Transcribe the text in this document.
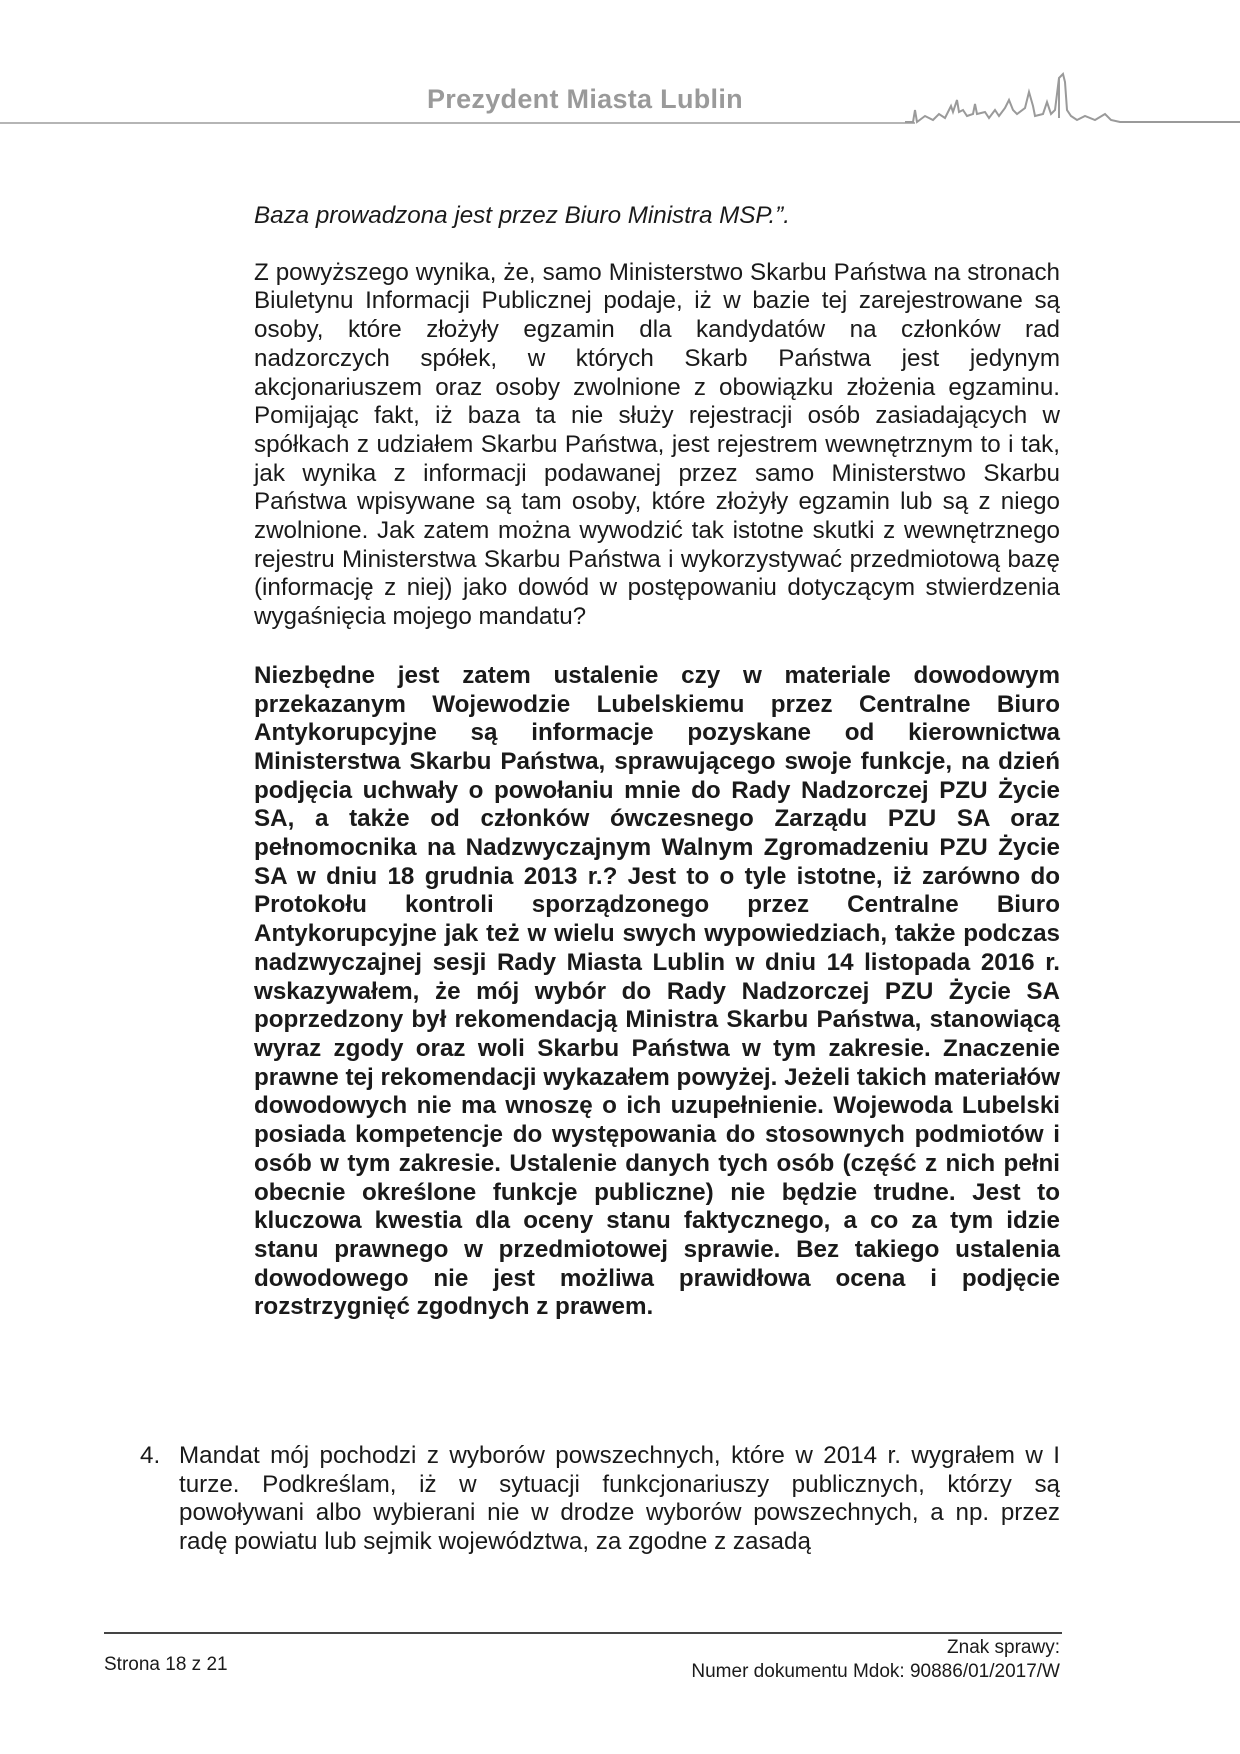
Prezydent Miasta Lublin

Baza prowadzona jest przez Biuro Ministra MSP.”.

Z powyższego wynika, że, samo Ministerstwo Skarbu Państwa na stronach Biuletynu Informacji Publicznej podaje, iż w bazie tej zarejestrowane są osoby, które złożyły egzamin dla kandydatów na członków rad nadzorczych spółek, w których Skarb Państwa jest jedynym akcjonariuszem oraz osoby zwolnione z obowiązku złożenia egzaminu. Pomijając fakt, iż baza ta nie służy rejestracji osób zasiadających w spółkach z udziałem Skarbu Państwa, jest rejestrem wewnętrznym to i tak, jak wynika z informacji podawanej przez samo Ministerstwo Skarbu Państwa wpisywane są tam osoby, które złożyły egzamin lub są z niego zwolnione. Jak zatem można wywodzić tak istotne skutki z wewnętrznego rejestru Ministerstwa Skarbu Państwa i wykorzystywać przedmiotową bazę (informację z niej) jako dowód w postępowaniu dotyczącym stwierdzenia wygaśnięcia mojego mandatu?

Niezbędne jest zatem ustalenie czy w materiale dowodowym przekazanym Wojewodzie Lubelskiemu przez Centralne Biuro Antykorupcyjne są informacje pozyskane od kierownictwa Ministerstwa Skarbu Państwa, sprawującego swoje funkcje, na dzień podjęcia uchwały o powołaniu mnie do Rady Nadzorczej PZU Życie SA, a także od członków ówczesnego Zarządu PZU SA oraz pełnomocnika na Nadzwyczajnym Walnym Zgromadzeniu PZU Życie SA w dniu 18 grudnia 2013 r.? Jest to o tyle istotne, iż zarówno do Protokołu kontroli sporządzonego przez Centralne Biuro Antykorupcyjne jak też w wielu swych wypowiedziach, także podczas nadzwyczajnej sesji Rady Miasta Lublin w dniu 14 listopada 2016 r. wskazywałem, że mój wybór do Rady Nadzorczej PZU Życie SA poprzedzony był rekomendacją Ministra Skarbu Państwa, stanowiącą wyraz zgody oraz woli Skarbu Państwa w tym zakresie. Znaczenie prawne tej rekomendacji wykazałem powyżej. Jeżeli takich materiałów dowodowych nie ma wnoszę o ich uzupełnienie. Wojewoda Lubelski posiada kompetencje do występowania do stosownych podmiotów i osób w tym zakresie. Ustalenie danych tych osób (część z nich pełni obecnie określone funkcje publiczne) nie będzie trudne. Jest to kluczowa kwestia dla oceny stanu faktycznego, a co za tym idzie stanu prawnego w przedmiotowej sprawie. Bez takiego ustalenia dowodowego nie jest możliwa prawidłowa ocena i podjęcie rozstrzygnięć zgodnych z prawem.

4. Mandat mój pochodzi z wyborów powszechnych, które w 2014 r. wygrałem w I turze. Podkreślam, iż w sytuacji funkcjonariuszy publicznych, którzy są powoływani albo wybierani nie w drodze wyborów powszechnych, a np. przez radę powiatu lub sejmik województwa, za zgodne z zasadą

Strona 18 z 21
Znak sprawy:
Numer dokumentu Mdok: 90886/01/2017/W
